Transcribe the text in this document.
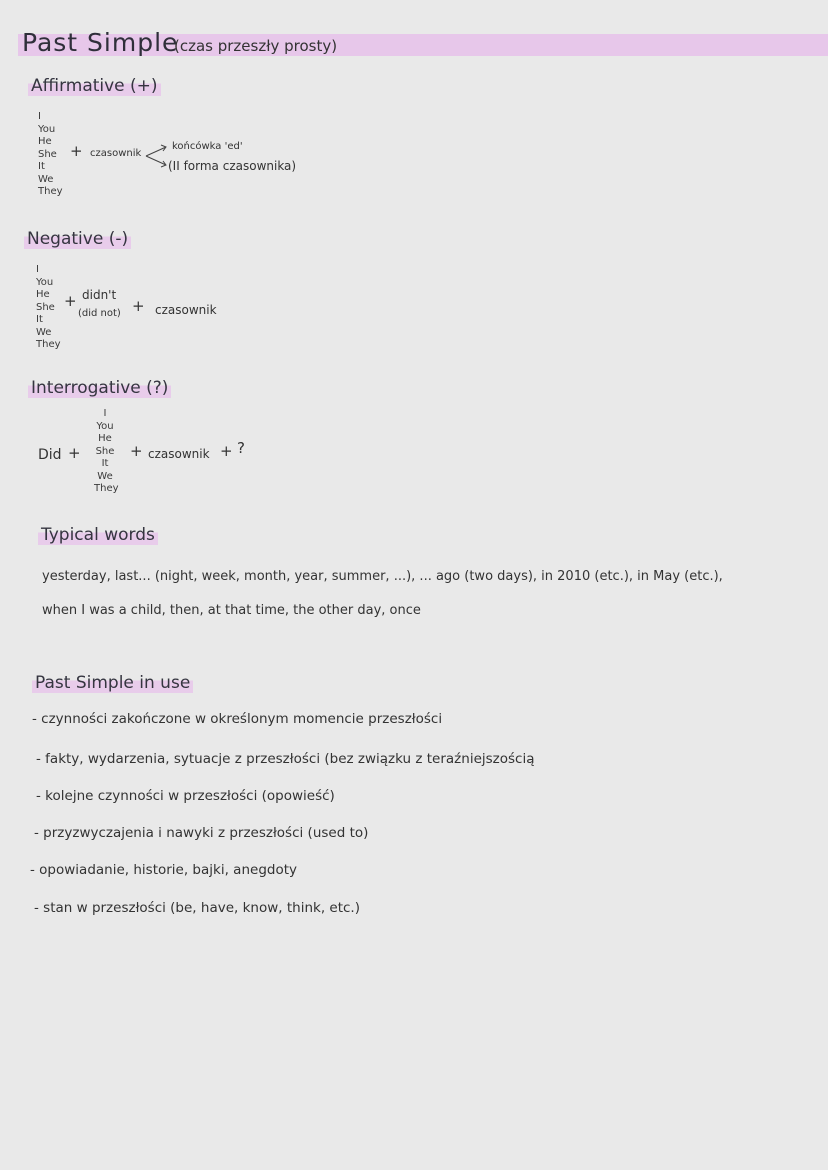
Past Simple
(czas przeszły prosty)
Affirmative (+)
I
You
He
She
It
We
They
+ czasownik
końcówka 'ed'
(II forma czasownika)
Negative (-)
I
You
He
She
It
We
They
+ didn't
(did not) + czasownik
Interrogative (?)
Did +
I
You
He
She
It
We
They
+ czasownik + ?
Typical words
yesterday, last... (night, week, month, year, summer, ...), ... ago (two days), in 2010 (etc.), in May (etc.),
when I was a child, then, at that time, the other day, once
Past Simple in use
- czynności zakończone w określonym momencie przeszłości
- fakty, wydarzenia, sytuacje z przeszłości (bez związku z teraźniejszością
- kolejne czynności w przeszłości (opowieść)
- przyzwyczajenia i nawyki z przeszłości (used to)
- opowiadanie, historie, bajki, anegdoty
- stan w przeszłości (be, have, know, think, etc.)
